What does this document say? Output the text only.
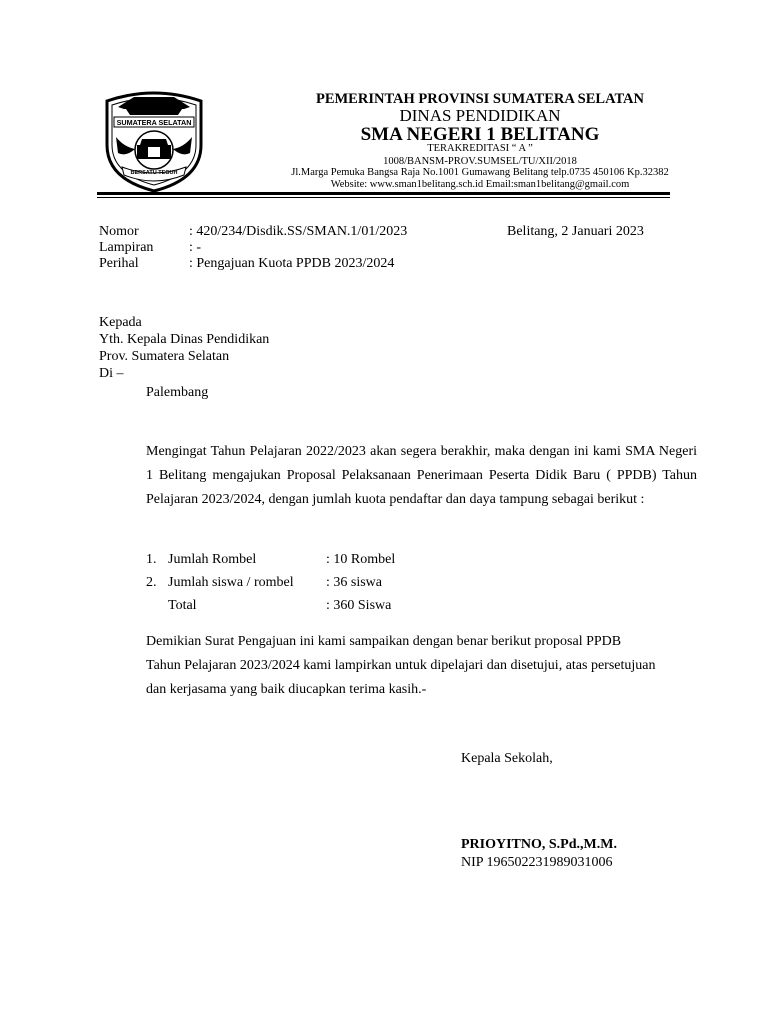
SUMATERA SELATAN
BERSATU TEGUH
PEMERINTAH PROVINSI SUMATERA SELATAN
DINAS PENDIDIKAN
SMA NEGERI 1 BELITANG
TERAKREDITASI “ A ”
1008/BANSM-PROV.SUMSEL/TU/XII/2018
Jl.Marga Pemuka Bangsa Raja No.1001 Gumawang Belitang telp.0735 450106 Kp.32382
Website: www.sman1belitang.sch.id Email:sman1belitang@gmail.com
Nomor	: 420/234/Disdik.SS/SMAN.1/01/2023	Belitang, 2 Januari 2023
Lampiran	: -
Perihal	: Pengajuan Kuota PPDB 2023/2024
Kepada
Yth. Kepala Dinas Pendidikan
Prov. Sumatera Selatan
Di –
Palembang
Mengingat Tahun Pelajaran 2022/2023 akan segera berakhir, maka dengan ini kami SMA Negeri 1 Belitang mengajukan Proposal Pelaksanaan Penerimaan Peserta Didik Baru ( PPDB) Tahun Pelajaran 2023/2024, dengan jumlah kuota pendaftar dan daya tampung sebagai berikut :
1. Jumlah Rombel	: 10 Rombel
2. Jumlah siswa / rombel : 36 siswa
Total	: 360 Siswa
Demikian Surat Pengajuan ini kami sampaikan dengan benar berikut proposal PPDB
Tahun Pelajaran 2023/2024 kami lampirkan untuk dipelajari dan disetujui, atas persetujuan
dan kerjasama yang baik diucapkan terima kasih.-
Kepala Sekolah,
PRIOYITNO, S.Pd.,M.M.
NIP 196502231989031006
